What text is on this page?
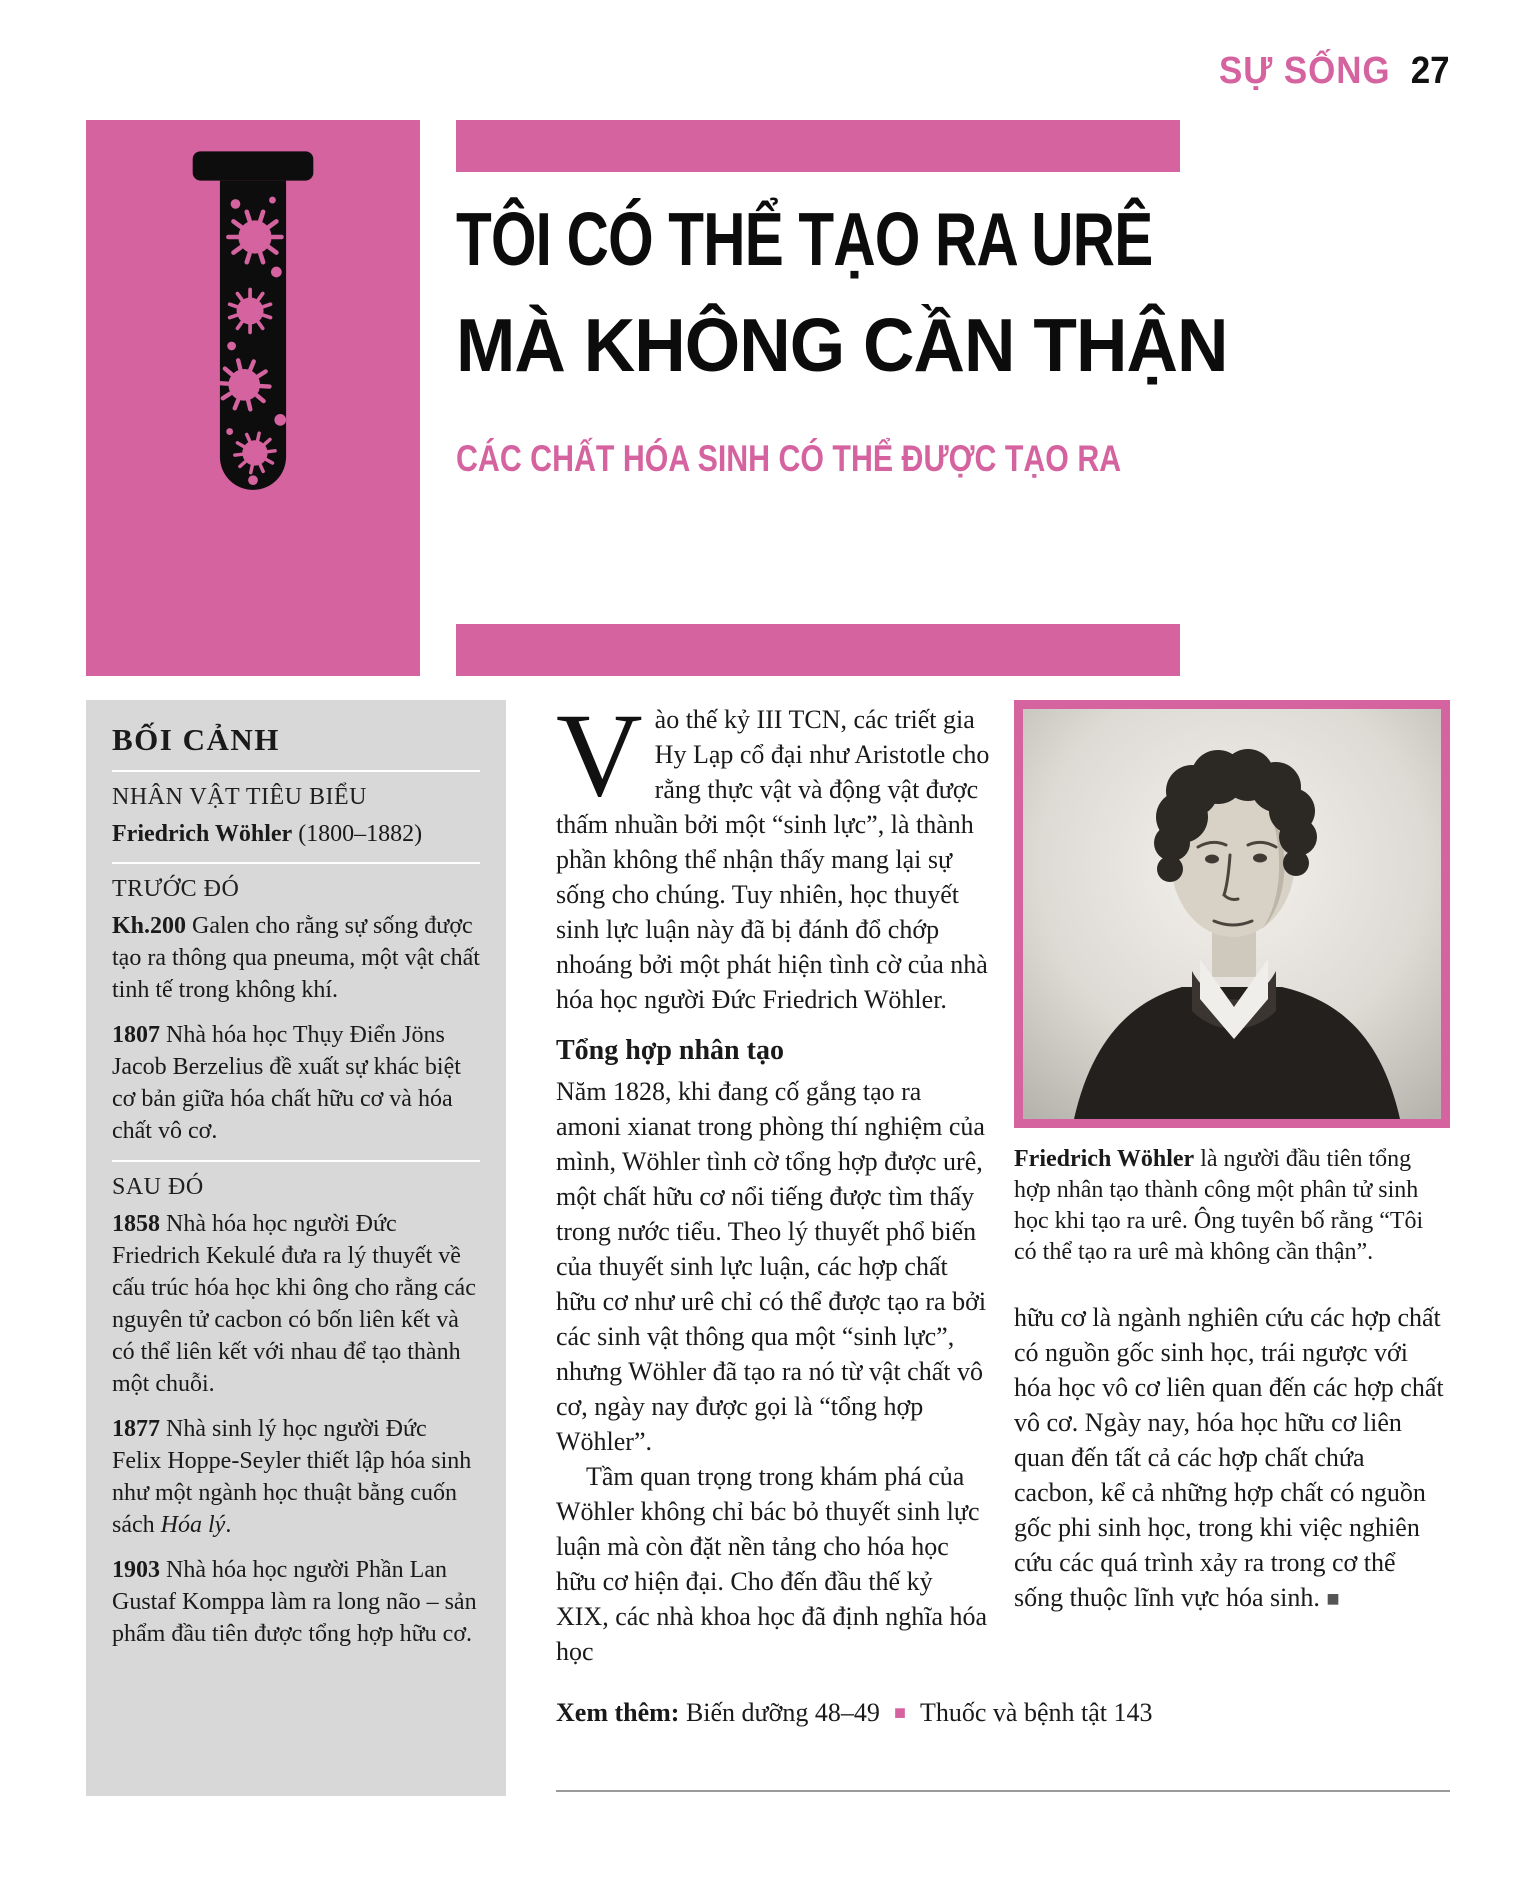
SỰ SỐNG 27
TÔI CÓ THỂ TẠO RA URÊ
MÀ KHÔNG CẦN THẬN
CÁC CHẤT HÓA SINH CÓ THỂ ĐƯỢC TẠO RA
BỐI CẢNH
NHÂN VẬT TIÊU BIỂU

Friedrich Wöhler (1800–1882)

TRƯỚC ĐÓ

Kh.200 Galen cho rằng sự sống được tạo ra thông qua pneuma, một vật chất tinh tế trong không khí.

1807 Nhà hóa học Thụy Điển Jöns Jacob Berzelius đề xuất sự khác biệt cơ bản giữa hóa chất hữu cơ và hóa chất vô cơ.

SAU ĐÓ

1858 Nhà hóa học người Đức Friedrich Kekulé đưa ra lý thuyết về cấu trúc hóa học khi ông cho rằng các nguyên tử cacbon có bốn liên kết và có thể liên kết với nhau để tạo thành một chuỗi.

1877 Nhà sinh lý học người Đức Felix Hoppe-Seyler thiết lập hóa sinh như một ngành học thuật bằng cuốn sách Hóa lý.

1903 Nhà hóa học người Phần Lan Gustaf Komppa làm ra long não – sản phẩm đầu tiên được tổng hợp hữu cơ.

Vào thế kỷ III TCN, các triết gia Hy Lạp cổ đại như Aristotle cho rằng thực vật và động vật được thấm nhuần bởi một “sinh lực”, là thành phần không thể nhận thấy mang lại sự sống cho chúng. Tuy nhiên, học thuyết sinh lực luận này đã bị đánh đổ chớp nhoáng bởi một phát hiện tình cờ của nhà hóa học người Đức Friedrich Wöhler.

Tổng hợp nhân tạo

Năm 1828, khi đang cố gắng tạo ra amoni xianat trong phòng thí nghiệm của mình, Wöhler tình cờ tổng hợp được urê, một chất hữu cơ nổi tiếng được tìm thấy trong nước tiểu. Theo lý thuyết phổ biến của thuyết sinh lực luận, các hợp chất hữu cơ như urê chỉ có thể được tạo ra bởi các sinh vật thông qua một “sinh lực”, nhưng Wöhler đã tạo ra nó từ vật chất vô cơ, ngày nay được gọi là “tổng hợp Wöhler”.

Tầm quan trọng trong khám phá của Wöhler không chỉ bác bỏ thuyết sinh lực luận mà còn đặt nền tảng cho hóa học hữu cơ hiện đại. Cho đến đầu thế kỷ XIX, các nhà khoa học đã định nghĩa hóa học

Friedrich Wöhler là người đầu tiên tổng hợp nhân tạo thành công một phân tử sinh học khi tạo ra urê. Ông tuyên bố rằng “Tôi có thể tạo ra urê mà không cần thận”.

hữu cơ là ngành nghiên cứu các hợp chất có nguồn gốc sinh học, trái ngược với hóa học vô cơ liên quan đến các hợp chất vô cơ. Ngày nay, hóa học hữu cơ liên quan đến tất cả các hợp chất chứa cacbon, kể cả những hợp chất có nguồn gốc phi sinh học, trong khi việc nghiên cứu các quá trình xảy ra trong cơ thể sống thuộc lĩnh vực hóa sinh. ■

Xem thêm: Biến dưỡng 48–49 ■ Thuốc và bệnh tật 143
